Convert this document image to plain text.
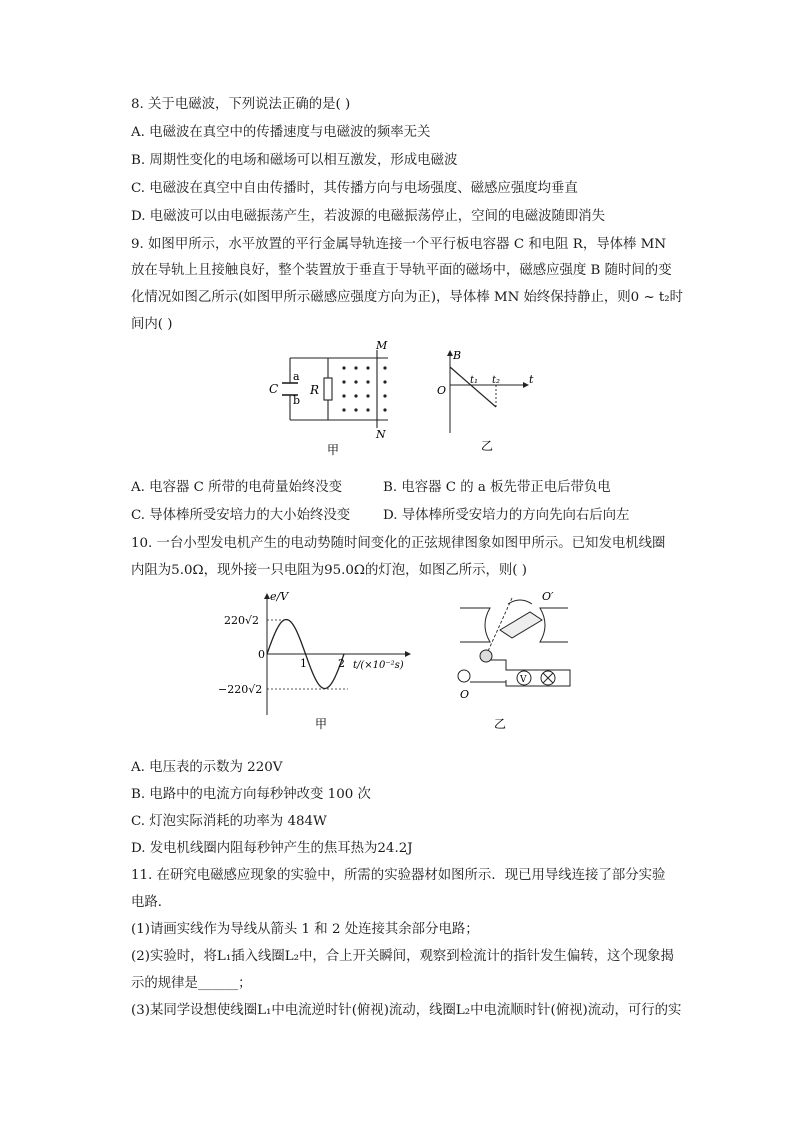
8. 关于电磁波，下列说法正确的是( )
A. 电磁波在真空中的传播速度与电磁波的频率无关
B. 周期性变化的电场和磁场可以相互激发，形成电磁波
C. 电磁波在真空中自由传播时，其传播方向与电场强度、磁感应强度均垂直
D. 电磁波可以由电磁振荡产生，若波源的电磁振荡停止，空间的电磁波随即消失
9. 如图甲所示，水平放置的平行金属导轨连接一个平行板电容器 C 和电阻 R，导体棒 MN
放在导轨上且接触良好，整个装置放于垂直于导轨平面的磁场中，磁感应强度 B 随时间的变
化情况如图乙所示(如图甲所示磁感应强度方向为正)，导体棒 MN 始终保持静止，则0 ~ t₂时
间内( )
C
a
b
R
M
N
甲
B
t
O
t₁ t₂
乙
A. 电容器 C 所带的电荷量始终没变	B. 电容器 C 的 a 板先带正电后带负电
C. 导体棒所受安培力的大小始终没变 D. 导体棒所受安培力的方向先向右后向左
10. 一台小型发电机产生的电动势随时间变化的正弦规律图象如图甲所示。已知发电机线圈
内阻为5.0Ω，现外接一只电阻为95.0Ω的灯泡，如图乙所示，则( )
e/V
t/(×10⁻²s)
0
220√2
−220√2
1	2
甲
V
O′
O
乙
A. 电压表的示数为 220V
B. 电路中的电流方向每秒钟改变 100 次
C. 灯泡实际消耗的功率为 484W
D. 发电机线圈内阻每秒钟产生的焦耳热为24.2J
11. 在研究电磁感应现象的实验中，所需的实验器材如图所示．现已用导线连接了部分实验
电路．
(1)请画实线作为导线从箭头 1 和 2 处连接其余部分电路；
(2)实验时，将L₁插入线圈L₂中，合上开关瞬间，观察到检流计的指针发生偏转，这个现象揭
示的规律是______；
(3)某同学设想使线圈L₁中电流逆时针(俯视)流动，线圈L₂中电流顺时针(俯视)流动，可行的实
